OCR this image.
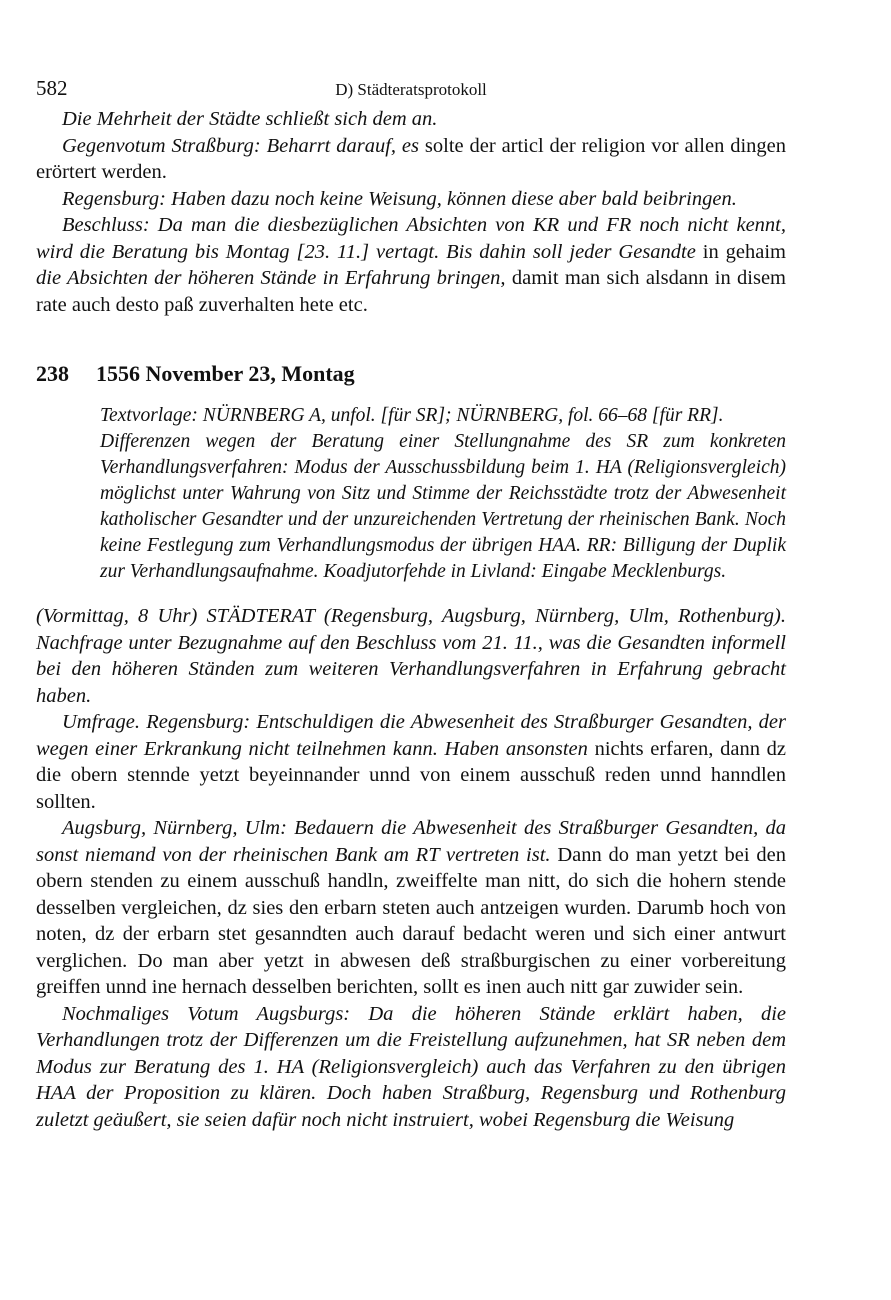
582	D) Städteratsprotokoll

Die Mehrheit der Städte schließt sich dem an.

Gegenvotum Straßburg: Beharrt darauf, es solte der articl der religion vor allen dingen erörtert werden.

Regensburg: Haben dazu noch keine Weisung, können diese aber bald beibringen.

Beschluss: Da man die diesbezüglichen Absichten von KR und FR noch nicht kennt, wird die Beratung bis Montag [23. 11.] vertagt. Bis dahin soll jeder Gesandte in gehaim die Absichten der höheren Stände in Erfahrung bringen, damit man sich alsdann in disem rate auch desto paß zuverhalten hete etc.

238 1556 November 23, Montag

Textvorlage: NÜRNBERG A, unfol. [für SR]; NÜRNBERG, fol. 66–68 [für RR].

Differenzen wegen der Beratung einer Stellungnahme des SR zum konkreten Verhandlungsverfahren: Modus der Ausschussbildung beim 1. HA (Religionsvergleich) möglichst unter Wahrung von Sitz und Stimme der Reichsstädte trotz der Abwesenheit katholischer Gesandter und der unzureichenden Vertretung der rheinischen Bank. Noch keine Festlegung zum Verhandlungsmodus der übrigen HAA. RR: Billigung der Duplik zur Verhandlungsaufnahme. Koadjutorfehde in Livland: Eingabe Mecklenburgs.

(Vormittag, 8 Uhr) STÄDTERAT (Regensburg, Augsburg, Nürnberg, Ulm, Rothenburg). Nachfrage unter Bezugnahme auf den Beschluss vom 21. 11., was die Gesandten informell bei den höheren Ständen zum weiteren Verhandlungsverfahren in Erfahrung gebracht haben.

Umfrage. Regensburg: Entschuldigen die Abwesenheit des Straßburger Gesandten, der wegen einer Erkrankung nicht teilnehmen kann. Haben ansonsten nichts erfaren, dann dz die obern stennde yetzt beyeinnander unnd von einem ausschuß reden unnd hanndlen sollten.

Augsburg, Nürnberg, Ulm: Bedauern die Abwesenheit des Straßburger Gesandten, da sonst niemand von der rheinischen Bank am RT vertreten ist. Dann do man yetzt bei den obern stenden zu einem ausschuß handln, zweiffelte man nitt, do sich die hohern stende desselben vergleichen, dz sies den erbarn steten auch antzeigen wurden. Darumb hoch von noten, dz der erbarn stet gesanndten auch darauf bedacht weren und sich einer antwurt verglichen. Do man aber yetzt in abwesen deß straßburgischen zu einer vorbereitung greiffen unnd ine hernach desselben berichten, sollt es inen auch nitt gar zuwider sein.

Nochmaliges Votum Augsburgs: Da die höheren Stände erklärt haben, die Verhandlungen trotz der Differenzen um die Freistellung aufzunehmen, hat SR neben dem Modus zur Beratung des 1. HA (Religionsvergleich) auch das Verfahren zu den übrigen HAA der Proposition zu klären. Doch haben Straßburg, Regensburg und Rothenburg zuletzt geäußert, sie seien dafür noch nicht instruiert, wobei Regensburg die Weisung
